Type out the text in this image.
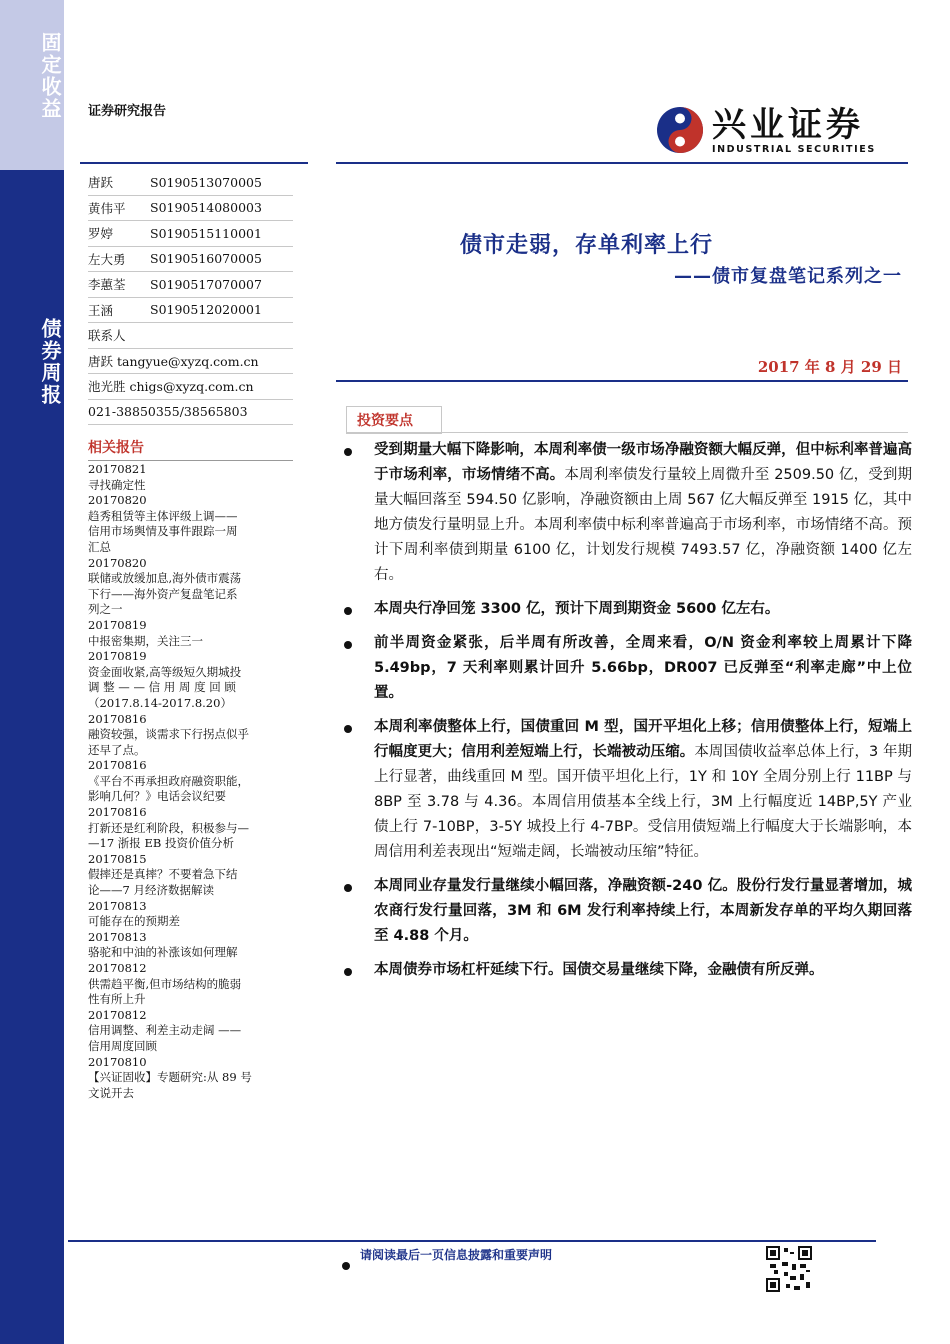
固定收益
债券周报
证券研究报告	兴业证券
INDUSTRIAL SECURITIES
唐跃	S0190513070005
黄伟平	S0190514080003
罗婷	S0190515110001
左大勇	S0190516070005
李蕙荃	S0190517070007
王涵	S0190512020001
联系人
唐跃 tangyue@xyzq.com.cn
池光胜 chigs@xyzq.com.cn
021-38850355/38565803
相关报告
20170821
寻找确定性
20170820
趋秀租赁等主体评级上调——
信用市场舆情及事件跟踪一周
汇总
20170820
联储或放缓加息,海外债市震荡
下行——海外资产复盘笔记系
列之一
20170819
中报密集期，关注三一
20170819
资金面收紧,高等级短久期城投
调 整 — — 信 用 周 度 回 顾
（2017.8.14-2017.8.20）
20170816
融资较强，谈需求下行拐点似乎
还早了点。
20170816
《平台不再承担政府融资职能，
影响几何？》电话会议纪要
20170816
打新还是红利阶段，积极参与—
—17 浙报 EB 投资价值分析
20170815
假摔还是真摔？不要着急下结
论——7 月经济数据解读
20170813
可能存在的预期差
20170813
骆驼和中油的补涨该如何理解
20170812
供需趋平衡,但市场结构的脆弱
性有所上升
20170812
信用调整、利差主动走阔 ——
信用周度回顾
20170810
【兴证固收】专题研究:从 89 号
文说开去
债市走弱，存单利率上行
——债市复盘笔记系列之一
2017 年 8 月 29 日
投资要点
受到期量大幅下降影响，本周利率债一级市场净融资额大幅反弹，但中标利率普遍高于市场利率，市场情绪不高。本周利率债发行量较上周微升至 2509.50 亿，受到期量大幅回落至 594.50 亿影响，净融资额由上周 567 亿大幅反弹至 1915 亿，其中地方债发行量明显上升。本周利率债中标利率普遍高于市场利率，市场情绪不高。预计下周利率债到期量 6100 亿，计划发行规模 7493.57 亿，净融资额 1400 亿左右。
本周央行净回笼 3300 亿，预计下周到期资金 5600 亿左右。
前半周资金紧张，后半周有所改善，全周来看，O/N 资金利率较上周累计下降 5.49bp，7 天利率则累计回升 5.66bp，DR007 已反弹至“利率走廊”中上位置。
本周利率债整体上行，国债重回 M 型，国开平坦化上移；信用债整体上行，短端上行幅度更大；信用利差短端上行，长端被动压缩。本周国债收益率总体上行，3 年期上行显著，曲线重回 M 型。国开债平坦化上行，1Y 和 10Y 全周分别上行 11BP 与 8BP 至 3.78 与 4.36。本周信用债基本全线上行，3M 上行幅度近 14BP,5Y 产业债上行 7-10BP，3-5Y 城投上行 4-7BP。受信用债短端上行幅度大于长端影响，本周信用利差表现出“短端走阔，长端被动压缩”特征。
本周同业存量发行量继续小幅回落，净融资额-240 亿。股份行发行量显著增加，城农商行发行量回落，3M 和 6M 发行利率持续上行，本周新发存单的平均久期回落至 4.88 个月。
本周债券市场杠杆延续下行。国债交易量继续下降，金融债有所反弹。
请阅读最后一页信息披露和重要声明
